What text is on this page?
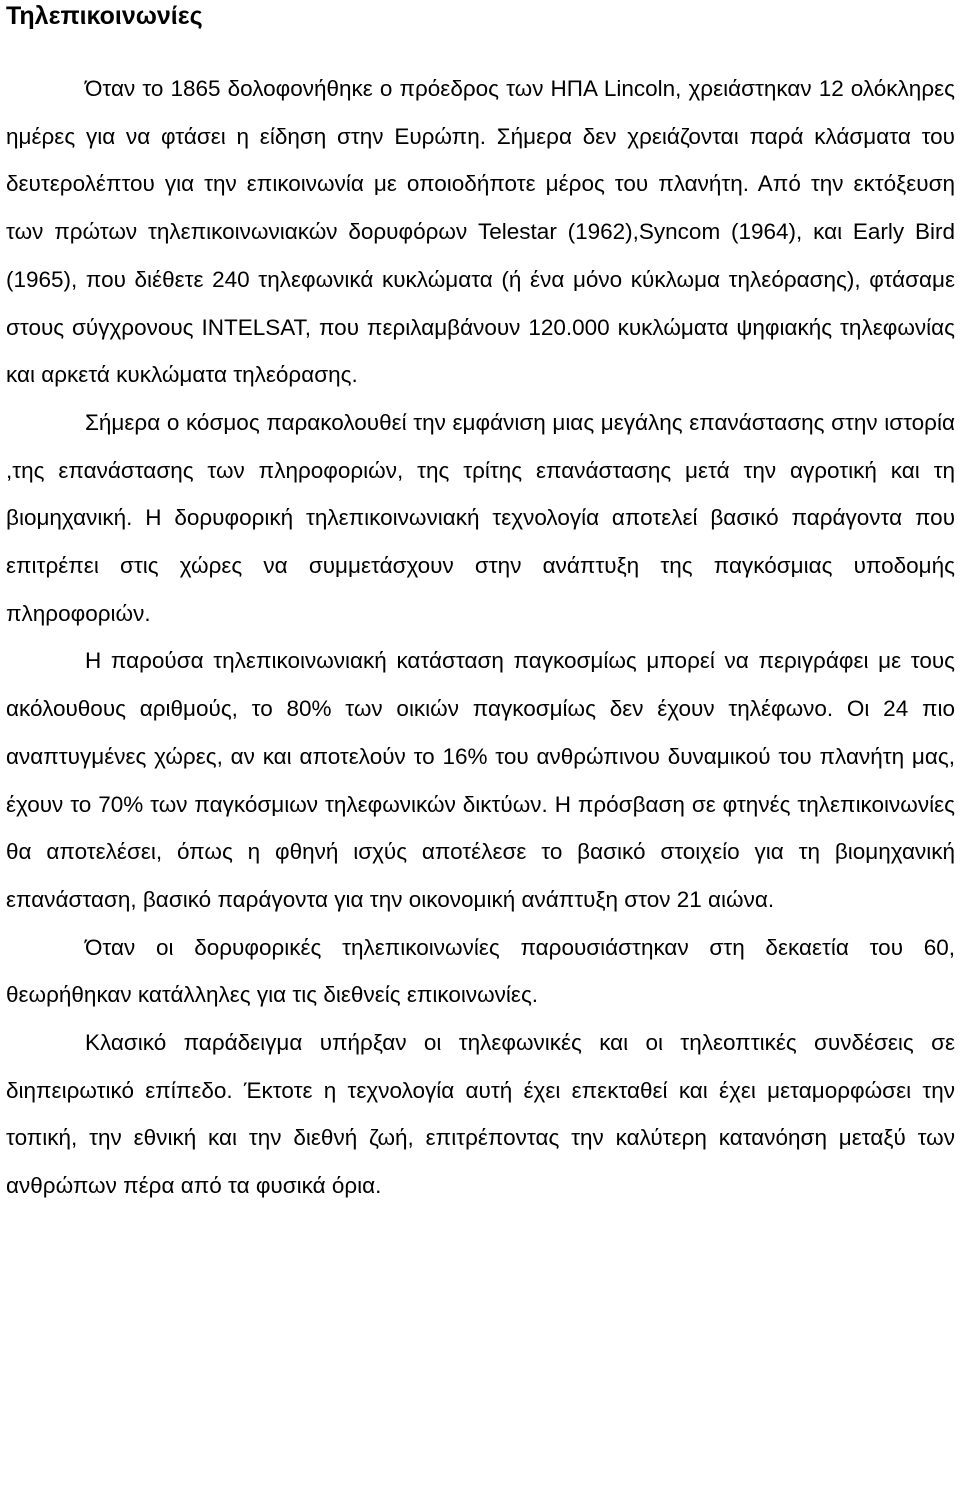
Τηλεπικοινωνίες

Όταν το 1865 δολοφονήθηκε ο πρόεδρος των ΗΠΑ Lincoln, χρειάστηκαν 12 ολόκληρες ημέρες για να φτάσει η είδηση στην Ευρώπη. Σήμερα δεν χρειάζονται παρά κλάσματα του δευτερολέπτου για την επικοινωνία με οποιοδήποτε μέρος του πλανήτη. Από την εκτόξευση των πρώτων τηλεπικοινωνιακών δορυφόρων Telestar (1962),Syncom (1964), και Early Bird (1965), που διέθετε 240 τηλεφωνικά κυκλώματα (ή ένα μόνο κύκλωμα τηλεόρασης), φτάσαμε στους σύγχρονους INTELSAT, που περιλαμβάνουν 120.000 κυκλώματα ψηφιακής τηλεφωνίας και αρκετά κυκλώματα τηλεόρασης.

Σήμερα ο κόσμος παρακολουθεί την εμφάνιση μιας μεγάλης επανάστασης στην ιστορία ,της επανάστασης των πληροφοριών, της τρίτης επανάστασης μετά την αγροτική και τη βιομηχανική. Η δορυφορική τηλεπικοινωνιακή τεχνολογία αποτελεί βασικό παράγοντα που επιτρέπει στις χώρες να συμμετάσχουν στην ανάπτυξη της παγκόσμιας υποδομής πληροφοριών.

Η παρούσα τηλεπικοινωνιακή κατάσταση παγκοσμίως μπορεί να περιγράφει με τους ακόλουθους αριθμούς, το 80% των οικιών παγκοσμίως δεν έχουν τηλέφωνο. Οι 24 πιο αναπτυγμένες χώρες, αν και αποτελούν το 16% του ανθρώπινου δυναμικού του πλανήτη μας, έχουν το 70% των παγκόσμιων τηλεφωνικών δικτύων. Η πρόσβαση σε φτηνές τηλεπικοινωνίες θα αποτελέσει, όπως η φθηνή ισχύς αποτέλεσε το βασικό στοιχείο για τη βιομηχανική επανάσταση, βασικό παράγοντα για την οικονομική ανάπτυξη στον 21 αιώνα.

Όταν οι δορυφορικές τηλεπικοινωνίες παρουσιάστηκαν στη δεκαετία του 60, θεωρήθηκαν κατάλληλες για τις διεθνείς επικοινωνίες.

Κλασικό παράδειγμα υπήρξαν οι τηλεφωνικές και οι τηλεοπτικές συνδέσεις σε διηπειρωτικό επίπεδο. Έκτοτε η τεχνολογία αυτή έχει επεκταθεί και έχει μεταμορφώσει την τοπική, την εθνική και την διεθνή ζωή, επιτρέποντας την καλύτερη κατανόηση μεταξύ των ανθρώπων πέρα από τα φυσικά όρια.
